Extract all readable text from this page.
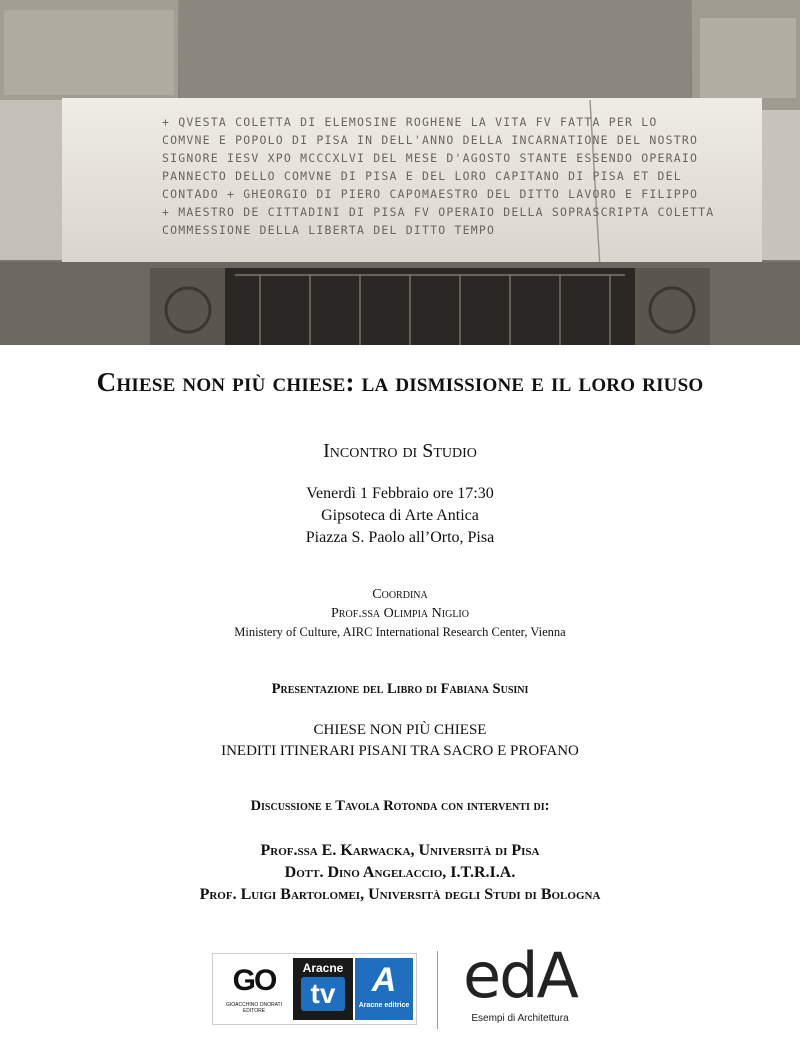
+ QVESTA COLETTA DI ELEMOSINE ROGHENE LA VITA FV FATTA PER LO
COMVNE E POPOLO DI PISA IN DELL'ANNO DELLA INCARNATIONE DEL NOSTRO
SIGNORE IESV XPO MCCCXLVI DEL MESE D'AGOSTO STANTE ESSENDO OPERAIO
PANNECTO DELLO COMVNE DI PISA E DEL LORO CAPITANO DI PISA ET DEL
CONTADO + GHEORGIO DI PIERO CAPOMAESTRO DEL DITTO LAVORO E FILIPPO
+ MAESTRO DE CITTADINI DI PISA FV OPERAIO DELLA SOPRASCRIPTA COLETTA
COMMESSIONE DELLA LIBERTA DEL DITTO TEMPO
Chiese non più chiese: la dismissione e il loro riuso
Incontro di Studio
Venerdì 1 Febbraio ore 17:30
Gipsoteca di Arte Antica
Piazza S. Paolo all’Orto, Pisa
Coordina
Prof.ssa Olimpia Niglio
Ministery of Culture, AIRC International Research Center, Vienna
Presentazione del Libro di Fabiana Susini
CHIESE NON PIÙ CHIESE
INEDITI ITINERARI PISANI TRA SACRO E PROFANO
Discussione e Tavola Rotonda con interventi di:
Prof.ssa E. Karwacka, Università di Pisa
Dott. Dino Angelaccio, I.T.R.I.A.
Prof. Luigi Bartolomei, Università degli Studi di Bologna
GO
GIOACCHINO ONORATI EDITORE
Aracne
tv	A
Aracne editrice edA
Esempi di Architettura
